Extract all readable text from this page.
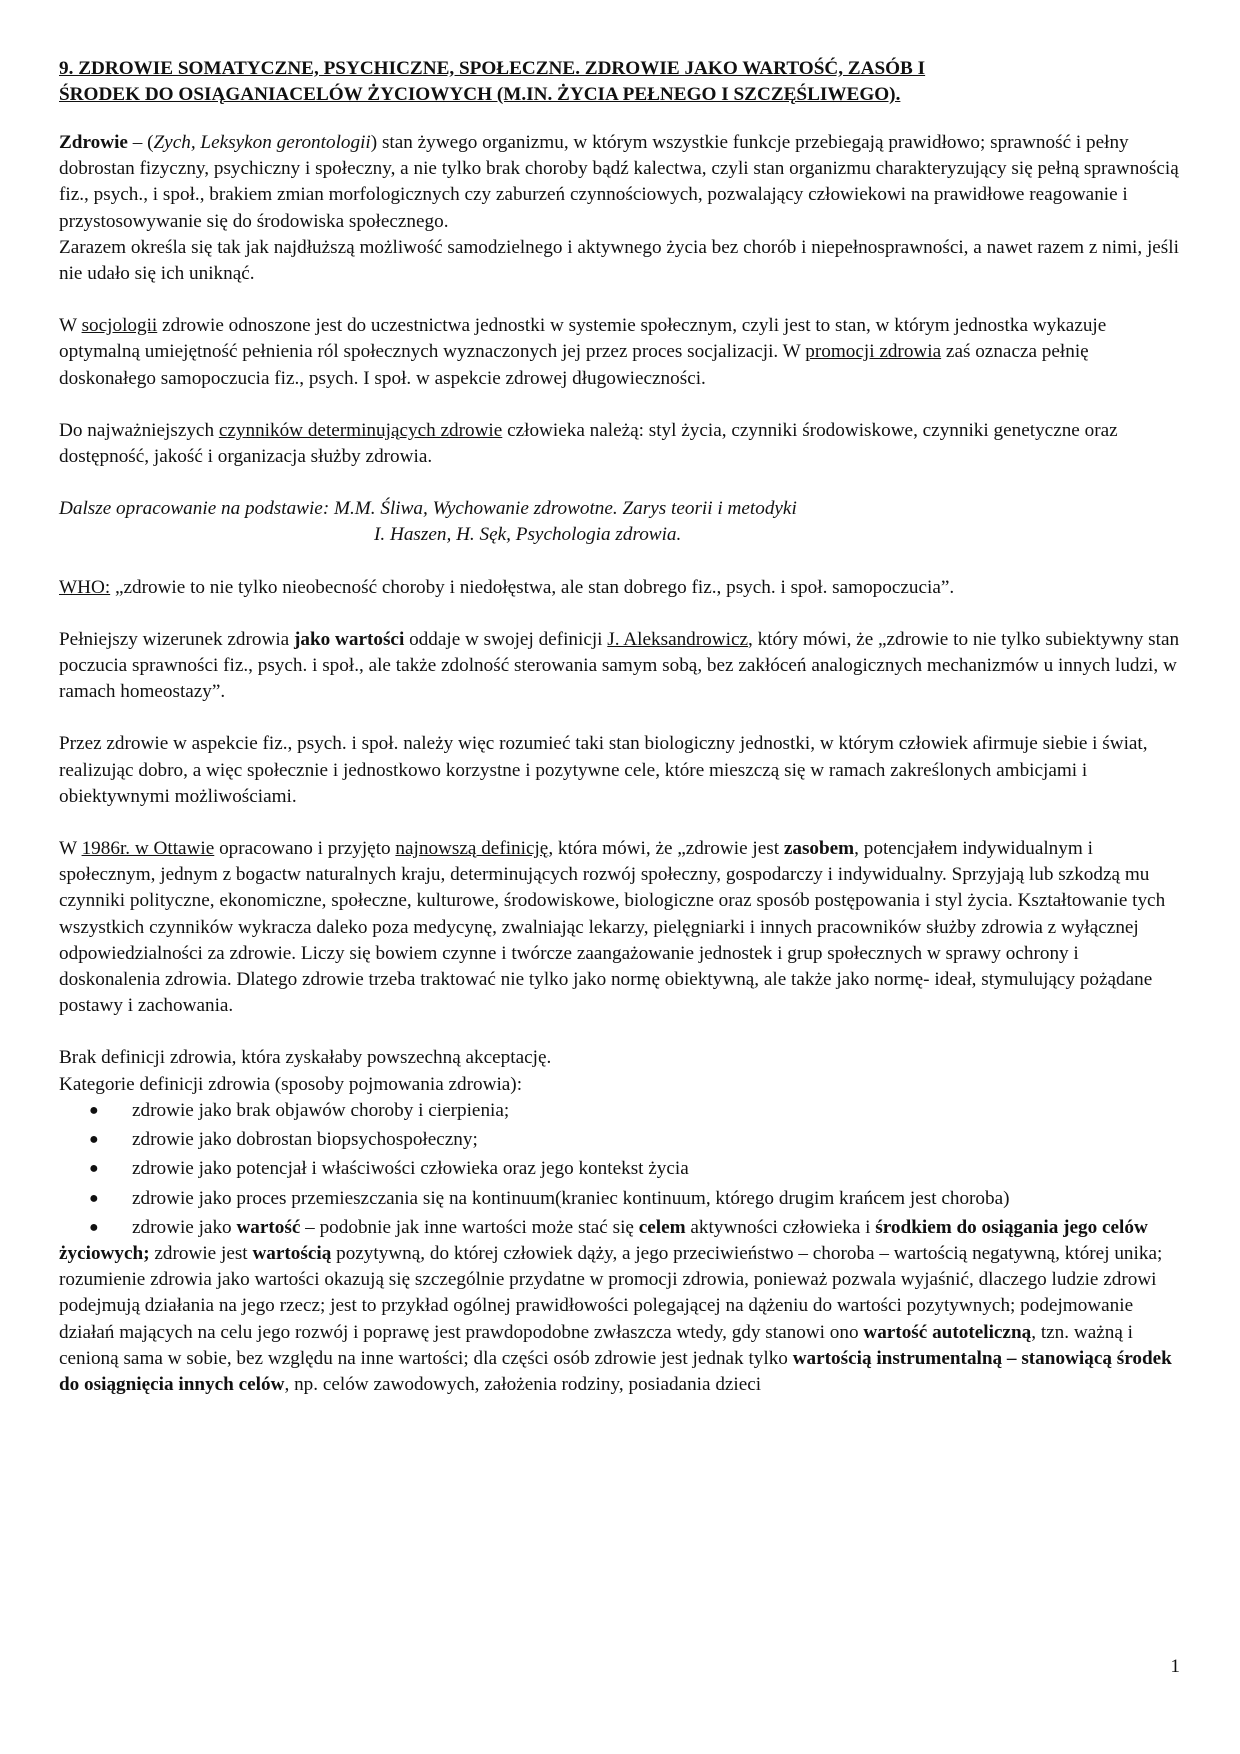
9. ZDROWIE SOMATYCZNE, PSYCHICZNE, SPOŁECZNE. ZDROWIE JAKO WARTOŚĆ, ZASÓB I
ŚRODEK DO OSIĄGANIACELÓW ŻYCIOWYCH (M.IN. ŻYCIA PEŁNEGO I SZCZĘŚLIWEGO).

Zdrowie – (Zych, Leksykon gerontologii) stan żywego organizmu, w którym wszystkie funkcje przebiegają prawidłowo; sprawność i pełny dobrostan fizyczny, psychiczny i społeczny, a nie tylko brak choroby bądź kalectwa, czyli stan organizmu charakteryzujący się pełną sprawnością fiz., psych., i społ., brakiem zmian morfologicznych czy zaburzeń czynnościowych, pozwalający człowiekowi na prawidłowe reagowanie i przystosowywanie się do środowiska społecznego.

Zarazem określa się tak jak najdłuższą możliwość samodzielnego i aktywnego życia bez chorób i niepełnosprawności, a nawet razem z nimi, jeśli nie udało się ich uniknąć.

W socjologii zdrowie odnoszone jest do uczestnictwa jednostki w systemie społecznym, czyli jest to stan, w którym jednostka wykazuje optymalną umiejętność pełnienia ról społecznych wyznaczonych jej przez proces socjalizacji. W promocji zdrowia zaś oznacza pełnię doskonałego samopoczucia fiz., psych. I społ. w aspekcie zdrowej długowieczności.

Do najważniejszych czynników determinujących zdrowie człowieka należą: styl życia, czynniki środowiskowe, czynniki genetyczne oraz dostępność, jakość i organizacja służby zdrowia.

Dalsze opracowanie na podstawie: M.M. Śliwa, Wychowanie zdrowotne. Zarys teorii i metodyki

I. Haszen, H. Sęk, Psychologia zdrowia.

WHO: „zdrowie to nie tylko nieobecność choroby i niedołęstwa, ale stan dobrego fiz., psych. i społ. samopoczucia”.

Pełniejszy wizerunek zdrowia jako wartości oddaje w swojej definicji J. Aleksandrowicz, który mówi, że „zdrowie to nie tylko subiektywny stan poczucia sprawności fiz., psych. i społ., ale także zdolność sterowania samym sobą, bez zakłóceń analogicznych mechanizmów u innych ludzi, w ramach homeostazy”.

Przez zdrowie w aspekcie fiz., psych. i społ. należy więc rozumieć taki stan biologiczny jednostki, w którym człowiek afirmuje siebie i świat, realizując dobro, a więc społecznie i jednostkowo korzystne i pozytywne cele, które mieszczą się w ramach zakreślonych ambicjami i obiektywnymi możliwościami.

W 1986r. w Ottawie opracowano i przyjęto najnowszą definicję, która mówi, że „zdrowie jest zasobem, potencjałem indywidualnym i społecznym, jednym z bogactw naturalnych kraju, determinujących rozwój społeczny, gospodarczy i indywidualny. Sprzyjają lub szkodzą mu czynniki polityczne, ekonomiczne, społeczne, kulturowe, środowiskowe, biologiczne oraz sposób postępowania i styl życia. Kształtowanie tych wszystkich czynników wykracza daleko poza medycynę, zwalniając lekarzy, pielęgniarki i innych pracowników służby zdrowia z wyłącznej odpowiedzialności za zdrowie. Liczy się bowiem czynne i twórcze zaangażowanie jednostek i grup społecznych w sprawy ochrony i doskonalenia zdrowia. Dlatego zdrowie trzeba traktować nie tylko jako normę obiektywną, ale także jako normę- ideał, stymulujący pożądane postawy i zachowania.

Brak definicji zdrowia, która zyskałaby powszechną akceptację.

Kategorie definicji zdrowia (sposoby pojmowania zdrowia):

● zdrowie jako brak objawów choroby i cierpienia;
● zdrowie jako dobrostan biopsychospołeczny;
● zdrowie jako potencjał i właściwości człowieka oraz jego kontekst życia
● zdrowie jako proces przemieszczania się na kontinuum(kraniec kontinuum, którego drugim krańcem jest choroba)

● zdrowie jako wartość – podobnie jak inne wartości może stać się celem aktywności człowieka i środkiem do osiągania jego celów życiowych; zdrowie jest wartością pozytywną, do której człowiek dąży, a jego przeciwieństwo – choroba – wartością negatywną, której unika; rozumienie zdrowia jako wartości okazują się szczególnie przydatne w promocji zdrowia, ponieważ pozwala wyjaśnić, dlaczego ludzie zdrowi podejmują działania na jego rzecz; jest to przykład ogólnej prawidłowości polegającej na dążeniu do wartości pozytywnych; podejmowanie działań mających na celu jego rozwój i poprawę jest prawdopodobne zwłaszcza wtedy, gdy stanowi ono wartość autoteliczną, tzn. ważną i cenioną sama w sobie, bez względu na inne wartości; dla części osób zdrowie jest jednak tylko wartością instrumentalną – stanowiącą środek do osiągnięcia innych celów, np. celów zawodowych, założenia rodziny, posiadania dzieci

1
